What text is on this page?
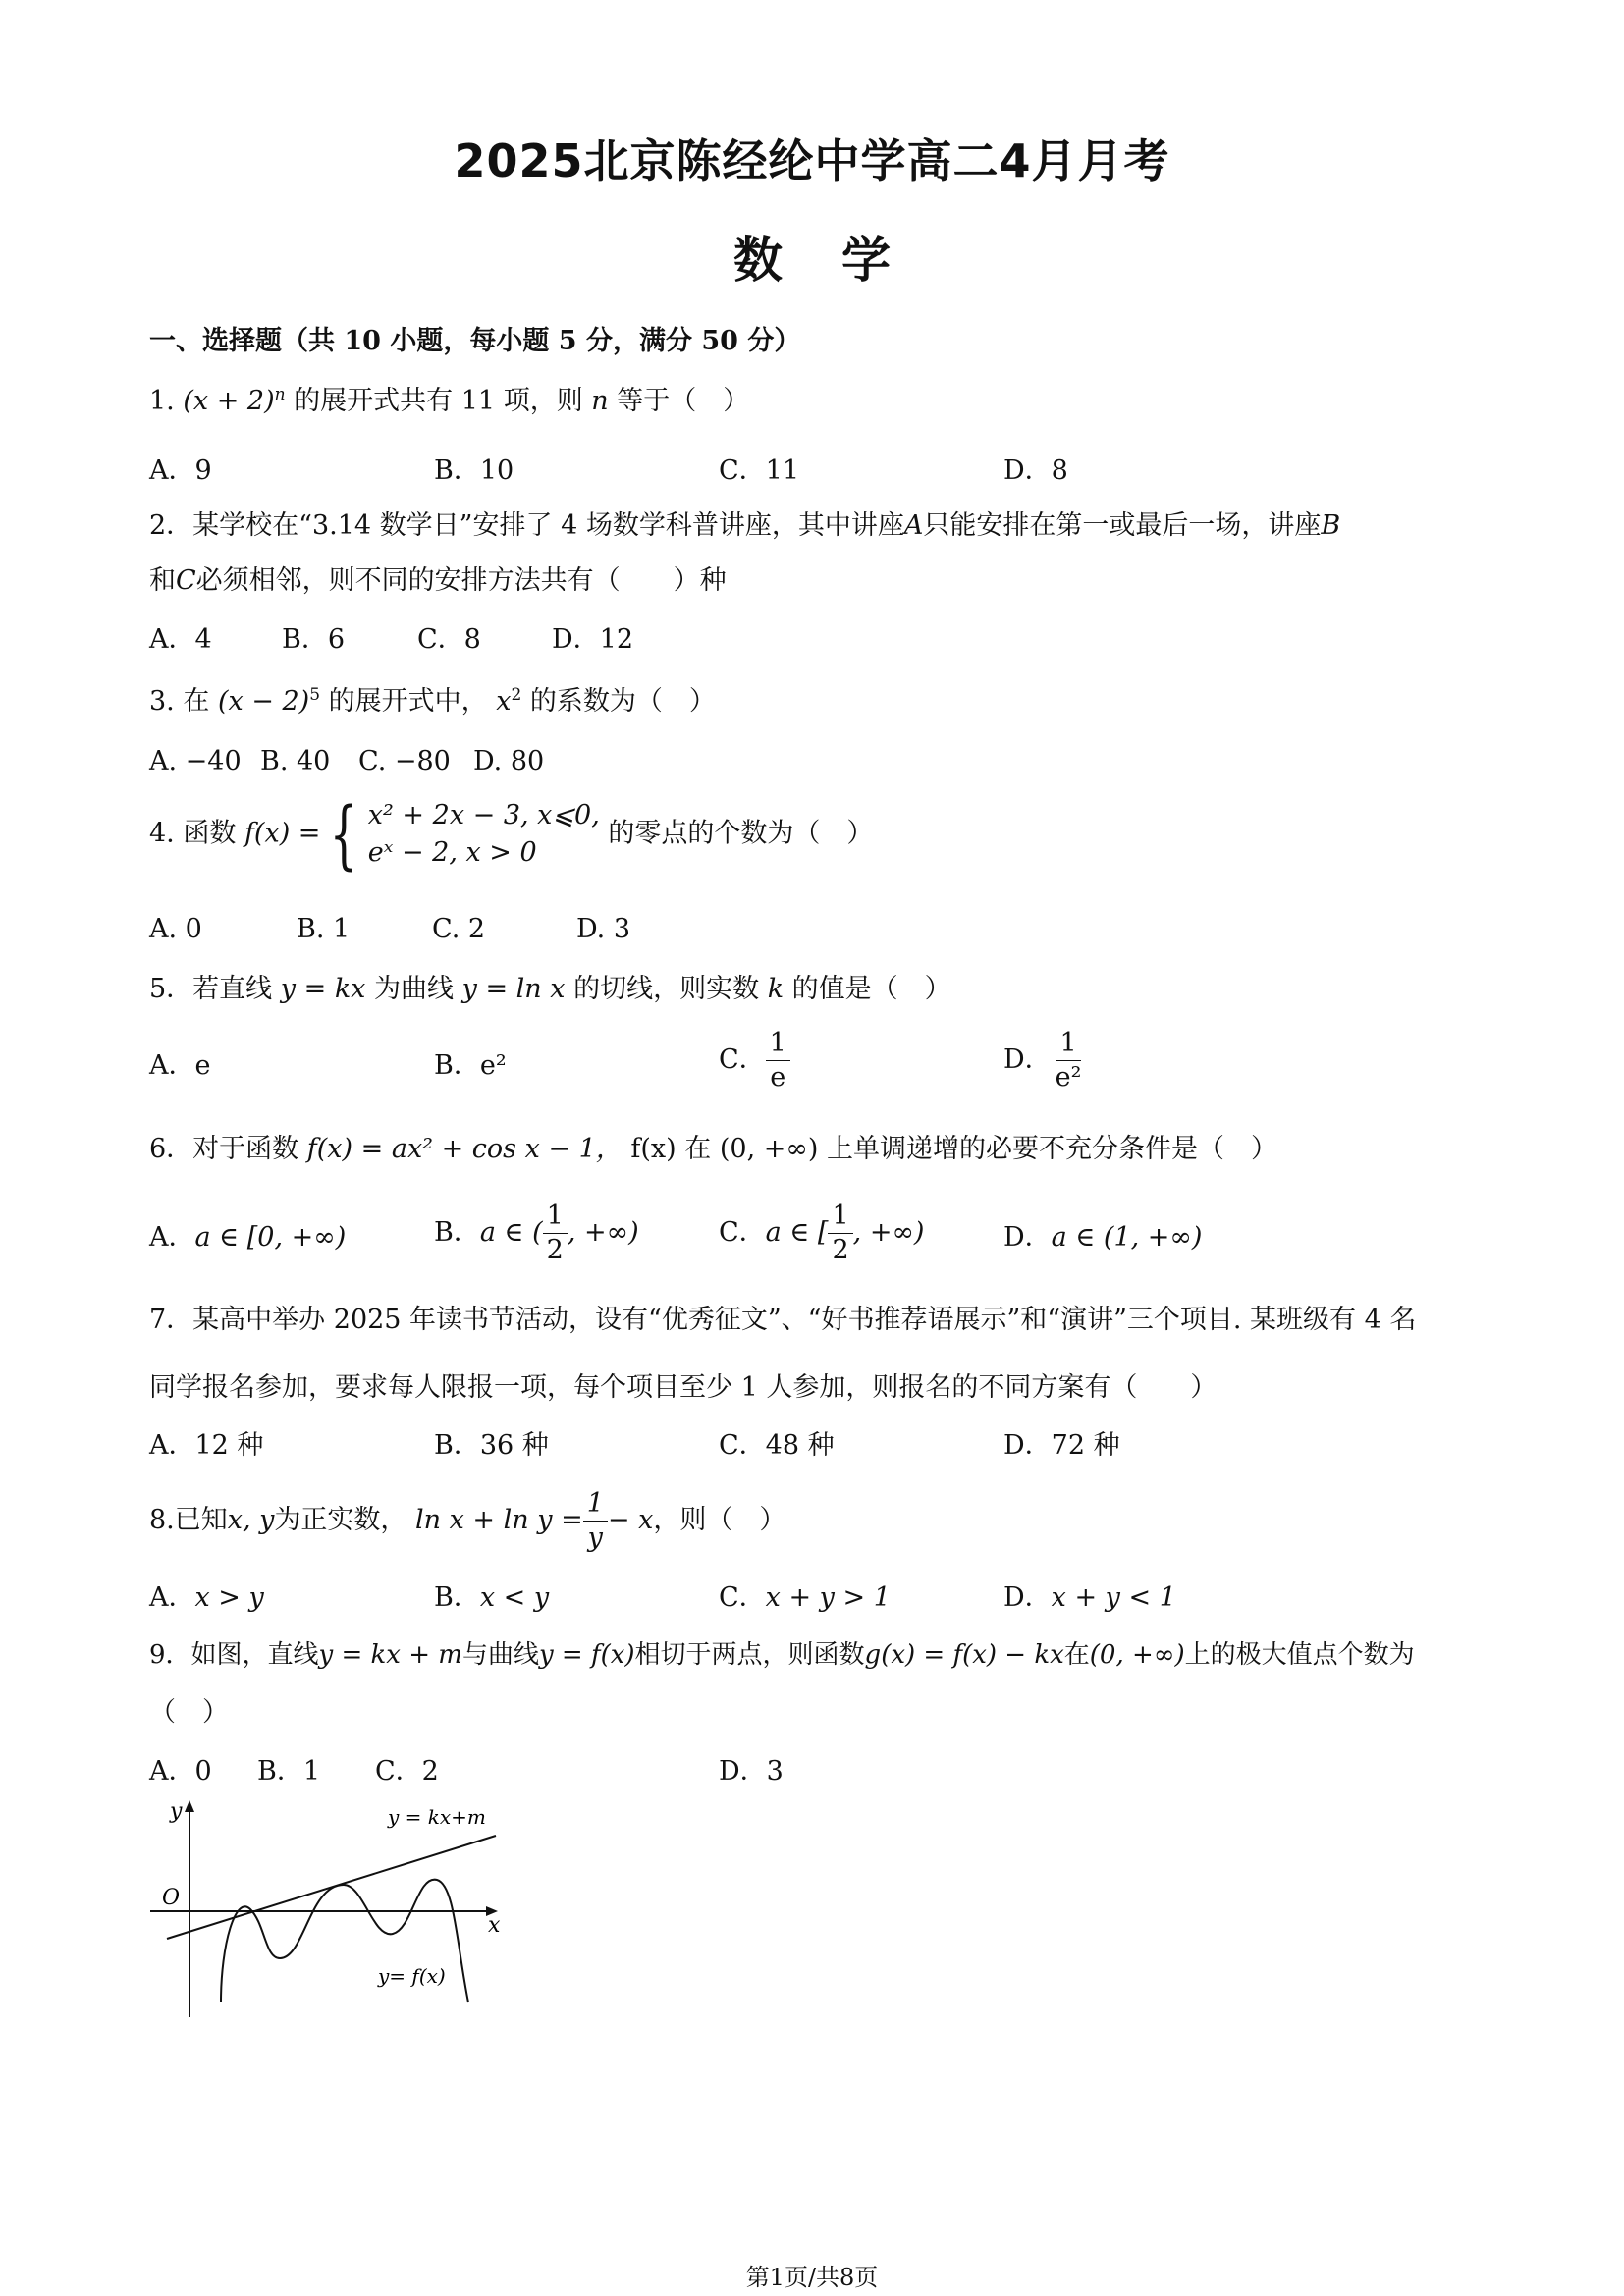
2025北京陈经纶中学高二4月月考
数学
一、选择题（共 10 小题，每小题 5 分，满分 50 分）
1. $(x + 2)^n$ 的展开式共有 11 项，则 n 等于（　）
A．9	B．10	C．11	D．8
2．某学校在“3.14 数学日”安排了 4 场数学科普讲座，其中讲座A只能安排在第一或最后一场，讲座B
和C必须相邻，则不同的安排方法共有（　　）种
A．4	B．6	C．8	D．12
3. 在 $(x - 2)^5$ 的展开式中， $x^2$ 的系数为（　）
A. −40 B. 40 C. −80 D. 80
4. 函数 f(x) = { x² + 2x − 3, x⩽0,
eˣ − 2, x > 0 的零点的个数为（　）
A. 0	B. 1	C. 2	D. 3
5．若直线 y = kx 为曲线 y = ln x 的切线，则实数 k 的值是（　）
A．e	B．e²	C． $\frac{1}{e}$	D． $\frac{1}{\text{e²}}$
6．对于函数 f(x) = ax² + cos x − 1， f(x) 在 (0, +∞) 上单调递增的必要不充分条件是（　）
A．a ∈ [0, +∞)	B．a ∈ ( $\frac{1}{2}$ , +∞)	C．a ∈ [ $\frac{1}{2}$ , +∞)	D．a ∈ (1, +∞)
7．某高中举办 2025 年读书节活动，设有“优秀征文”、“好书推荐语展示”和“演讲”三个项目. 某班级有 4 名
同学报名参加，要求每人限报一项，每个项目至少 1 人参加，则报名的不同方案有（　　）
A．12 种	B．36 种	C．48 种	D．72 种
8.已知x, y为正实数， $\ln x + \ln y = \frac{1}{y} - x$，则（　）
A．x > y	B．x < y	C．x + y > 1	D．x + y < 1
9．如图，直线y = kx + m与曲线y = f(x)相切于两点，则函数g(x) = f(x) − kx在(0, +∞)上的极大值点个数为
（　）
A．0 B．1 C．2	D．3
y
x
O
y = kx+m
y= f(x)
第1页/共8页
